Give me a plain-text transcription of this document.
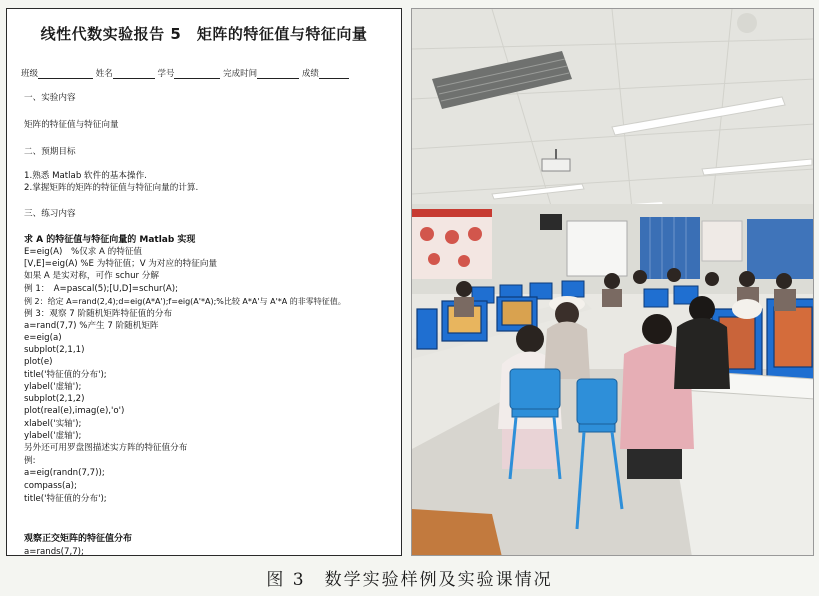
线性代数实验报告 5　矩阵的特征值与特征向量
班级	姓名	学号	完成时间	成绩
一、实验内容
矩阵的特征值与特征向量
二、预期目标
1.熟悉 Matlab 软件的基本操作.
2.掌握矩阵的矩阵的特征值与特征向量的计算.
三、练习内容
求 A 的特征值与特征向量的 Matlab 实现
E=eig(A)　%仅求 A 的特征值
[V,E]=eig(A) %E 为特征值；V 为对应的特征向量
如果 A 是实对称，可作 schur 分解
例 1：　A=pascal(5);[U,D]=schur(A);
例 2：给定 A=rand(2,4);d=eig(A*A');f=eig(A'*A);%比较 A*A'与 A'*A 的非零特征值。
例 3：观察 7 阶随机矩阵特征值的分布
a=rand(7,7) %产生 7 阶随机矩阵
e=eig(a)
subplot(2,1,1)
plot(e)
title('特征值的分布');
ylabel('虚轴');
subplot(2,1,2)
plot(real(e),imag(e),'o')
xlabel('实轴');
ylabel('虚轴');
另外还可用罗盘图描述实方阵的特征值分布
例:
a=eig(randn(7,7));
compass(a);
title('特征值的分布');
观察正交矩阵的特征值分布
a=rands(7,7);
图 3　数学实验样例及实验课情况
